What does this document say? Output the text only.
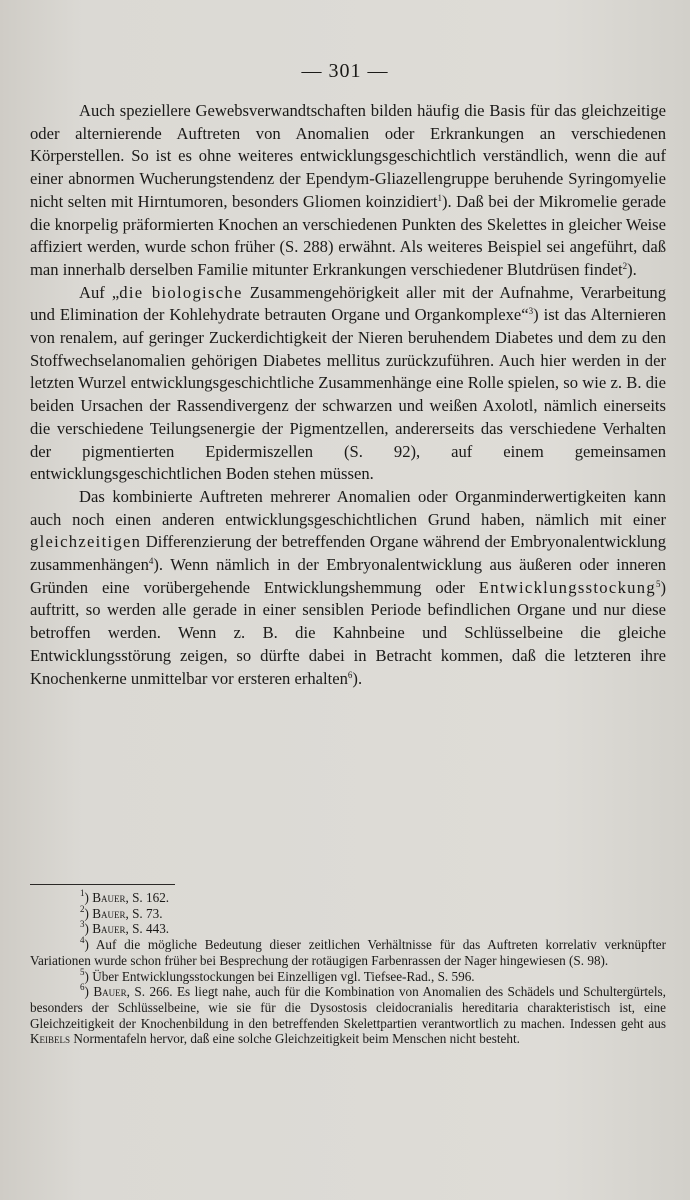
— 301 —

Auch speziellere Gewebsverwandtschaften bilden häufig die Basis für das gleichzeitige oder alternierende Auftreten von Anomalien oder Erkrankungen an verschiedenen Körperstellen. So ist es ohne weiteres entwicklungsgeschichtlich verständlich, wenn die auf einer abnormen Wucherungstendenz der Ependym-Gliazellengruppe beruhende Syringomyelie nicht selten mit Hirntumoren, besonders Gliomen koinzidiert$^1$). Daß bei der Mikromelie gerade die knorpelig präformierten Knochen an verschiedenen Punkten des Skelettes in gleicher Weise affiziert werden, wurde schon früher (S. 288) erwähnt. Als weiteres Beispiel sei angeführt, daß man innerhalb derselben Familie mitunter Erkrankungen verschiedener Blutdrüsen findet$^2$).

Auf „die biologische Zusammengehörigkeit aller mit der Aufnahme, Verarbeitung und Elimination der Kohlehydrate betrauten Organe und Organkomplexe“$^3$) ist das Alternieren von renalem, auf geringer Zuckerdichtigkeit der Nieren beruhendem Diabetes und dem zu den Stoffwechselanomalien gehörigen Diabetes mellitus zurückzuführen. Auch hier werden in der letzten Wurzel entwicklungsgeschichtliche Zusammenhänge eine Rolle spielen, so wie z. B. die beiden Ursachen der Rassendivergenz der schwarzen und weißen Axolotl, nämlich einerseits die verschiedene Teilungsenergie der Pigmentzellen, andererseits das verschiedene Verhalten der pigmentierten Epidermiszellen (S. 92), auf einem gemeinsamen entwicklungsgeschichtlichen Boden stehen müssen.

Das kombinierte Auftreten mehrerer Anomalien oder Organminderwertigkeiten kann auch noch einen anderen entwicklungsgeschichtlichen Grund haben, nämlich mit einer gleichzeitigen Differenzierung der betreffenden Organe während der Embryonalentwicklung zusammenhängen$^4$). Wenn nämlich in der Embryonalentwicklung aus äußeren oder inneren Gründen eine vorübergehende Entwicklungshemmung oder Entwicklungsstockung$^5$) auftritt, so werden alle gerade in einer sensiblen Periode befindlichen Organe und nur diese betroffen werden. Wenn z. B. die Kahnbeine und Schlüsselbeine die gleiche Entwicklungsstörung zeigen, so dürfte dabei in Betracht kommen, daß die letzteren ihre Knochenkerne unmittelbar vor ersteren erhalten$^6$).

$^1$) Bauer, S. 162.

$^2$) Bauer, S. 73.

$^3$) Bauer, S. 443.

$^4$) Auf die mögliche Bedeutung dieser zeitlichen Verhältnisse für das Auftreten korrelativ verknüpfter Variationen wurde schon früher bei Besprechung der rotäugigen Farbenrassen der Nager hingewiesen (S. 98).

$^5$) Über Entwicklungsstockungen bei Einzelligen vgl. Tiefsee-Rad., S. 596.

$^6$) Bauer, S. 266. Es liegt nahe, auch für die Kombination von Anomalien des Schädels und Schultergürtels, besonders der Schlüsselbeine, wie sie für die Dysostosis cleidocranialis hereditaria charakteristisch ist, eine Gleichzeitigkeit der Knochenbildung in den betreffenden Skelettpartien verantwortlich zu machen. Indessen geht aus Keibels Normentafeln hervor, daß eine solche Gleichzeitigkeit beim Menschen nicht besteht.
